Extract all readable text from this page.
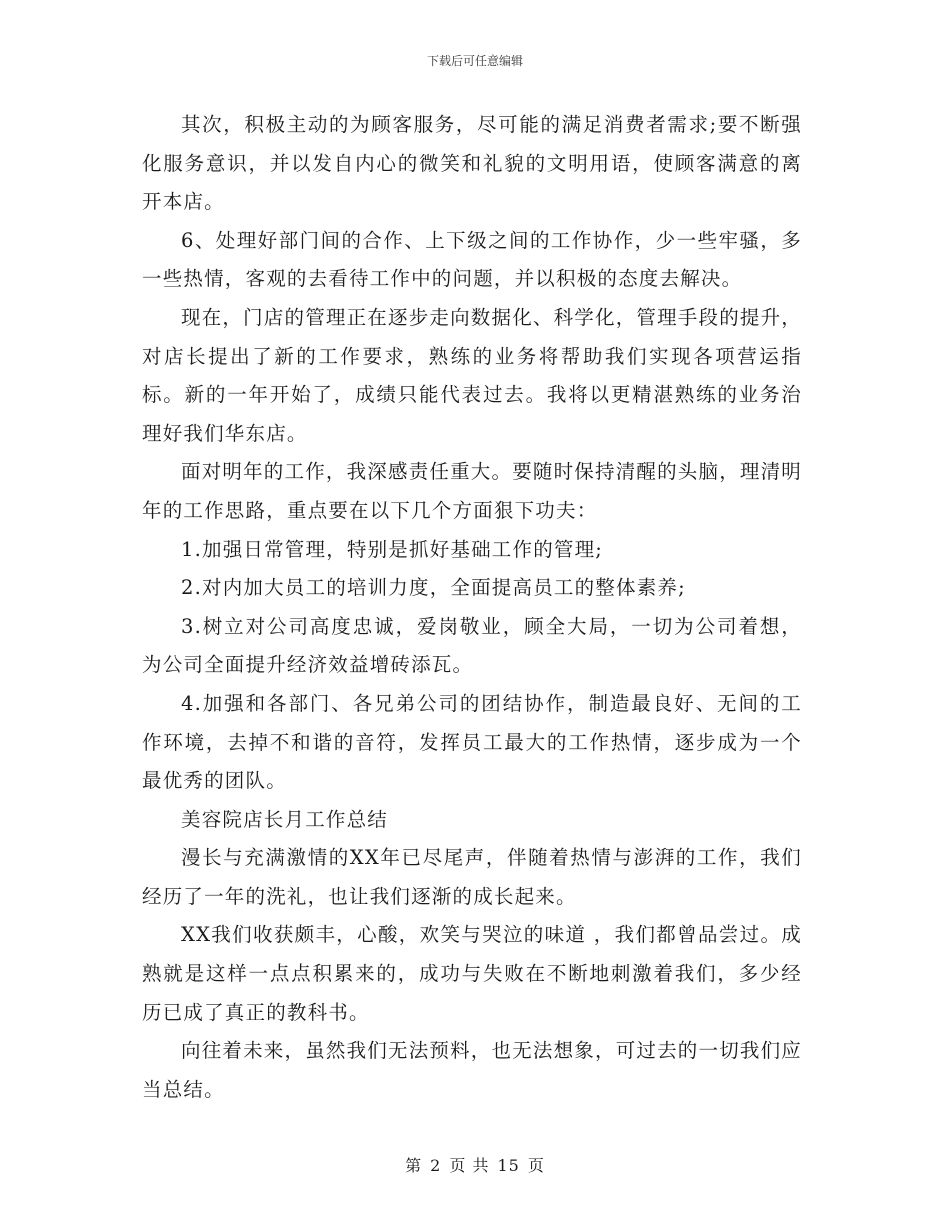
下载后可任意编辑

其次，积极主动的为顾客服务，尽可能的满足消费者需求;要不断强化服务意识，并以发自内心的微笑和礼貌的文明用语，使顾客满意的离开本店。

6、处理好部门间的合作、上下级之间的工作协作，少一些牢骚，多一些热情，客观的去看待工作中的问题，并以积极的态度去解决。

现在，门店的管理正在逐步走向数据化、科学化，管理手段的提升，对店长提出了新的工作要求，熟练的业务将帮助我们实现各项营运指标。新的一年开始了，成绩只能代表过去。我将以更精湛熟练的业务治理好我们华东店。

面对明年的工作，我深感责任重大。要随时保持清醒的头脑，理清明年的工作思路，重点要在以下几个方面狠下功夫：

1.加强日常管理，特别是抓好基础工作的管理;

2.对内加大员工的培训力度，全面提高员工的整体素养;

3.树立对公司高度忠诚，爱岗敬业，顾全大局，一切为公司着想，为公司全面提升经济效益增砖添瓦。

4.加强和各部门、各兄弟公司的团结协作，制造最良好、无间的工作环境，去掉不和谐的音符，发挥员工最大的工作热情，逐步成为一个最优秀的团队。

美容院店长月工作总结

漫长与充满激情的XX年已尽尾声，伴随着热情与澎湃的工作，我们经历了一年的洗礼，也让我们逐渐的成长起来。

XX我们收获颇丰，心酸，欢笑与哭泣的味道 ，我们都曾品尝过。成熟就是这样一点点积累来的，成功与失败在不断地刺激着我们，多少经历已成了真正的教科书。

向往着未来，虽然我们无法预料，也无法想象，可过去的一切我们应当总结。

第 2 页 共 15 页
